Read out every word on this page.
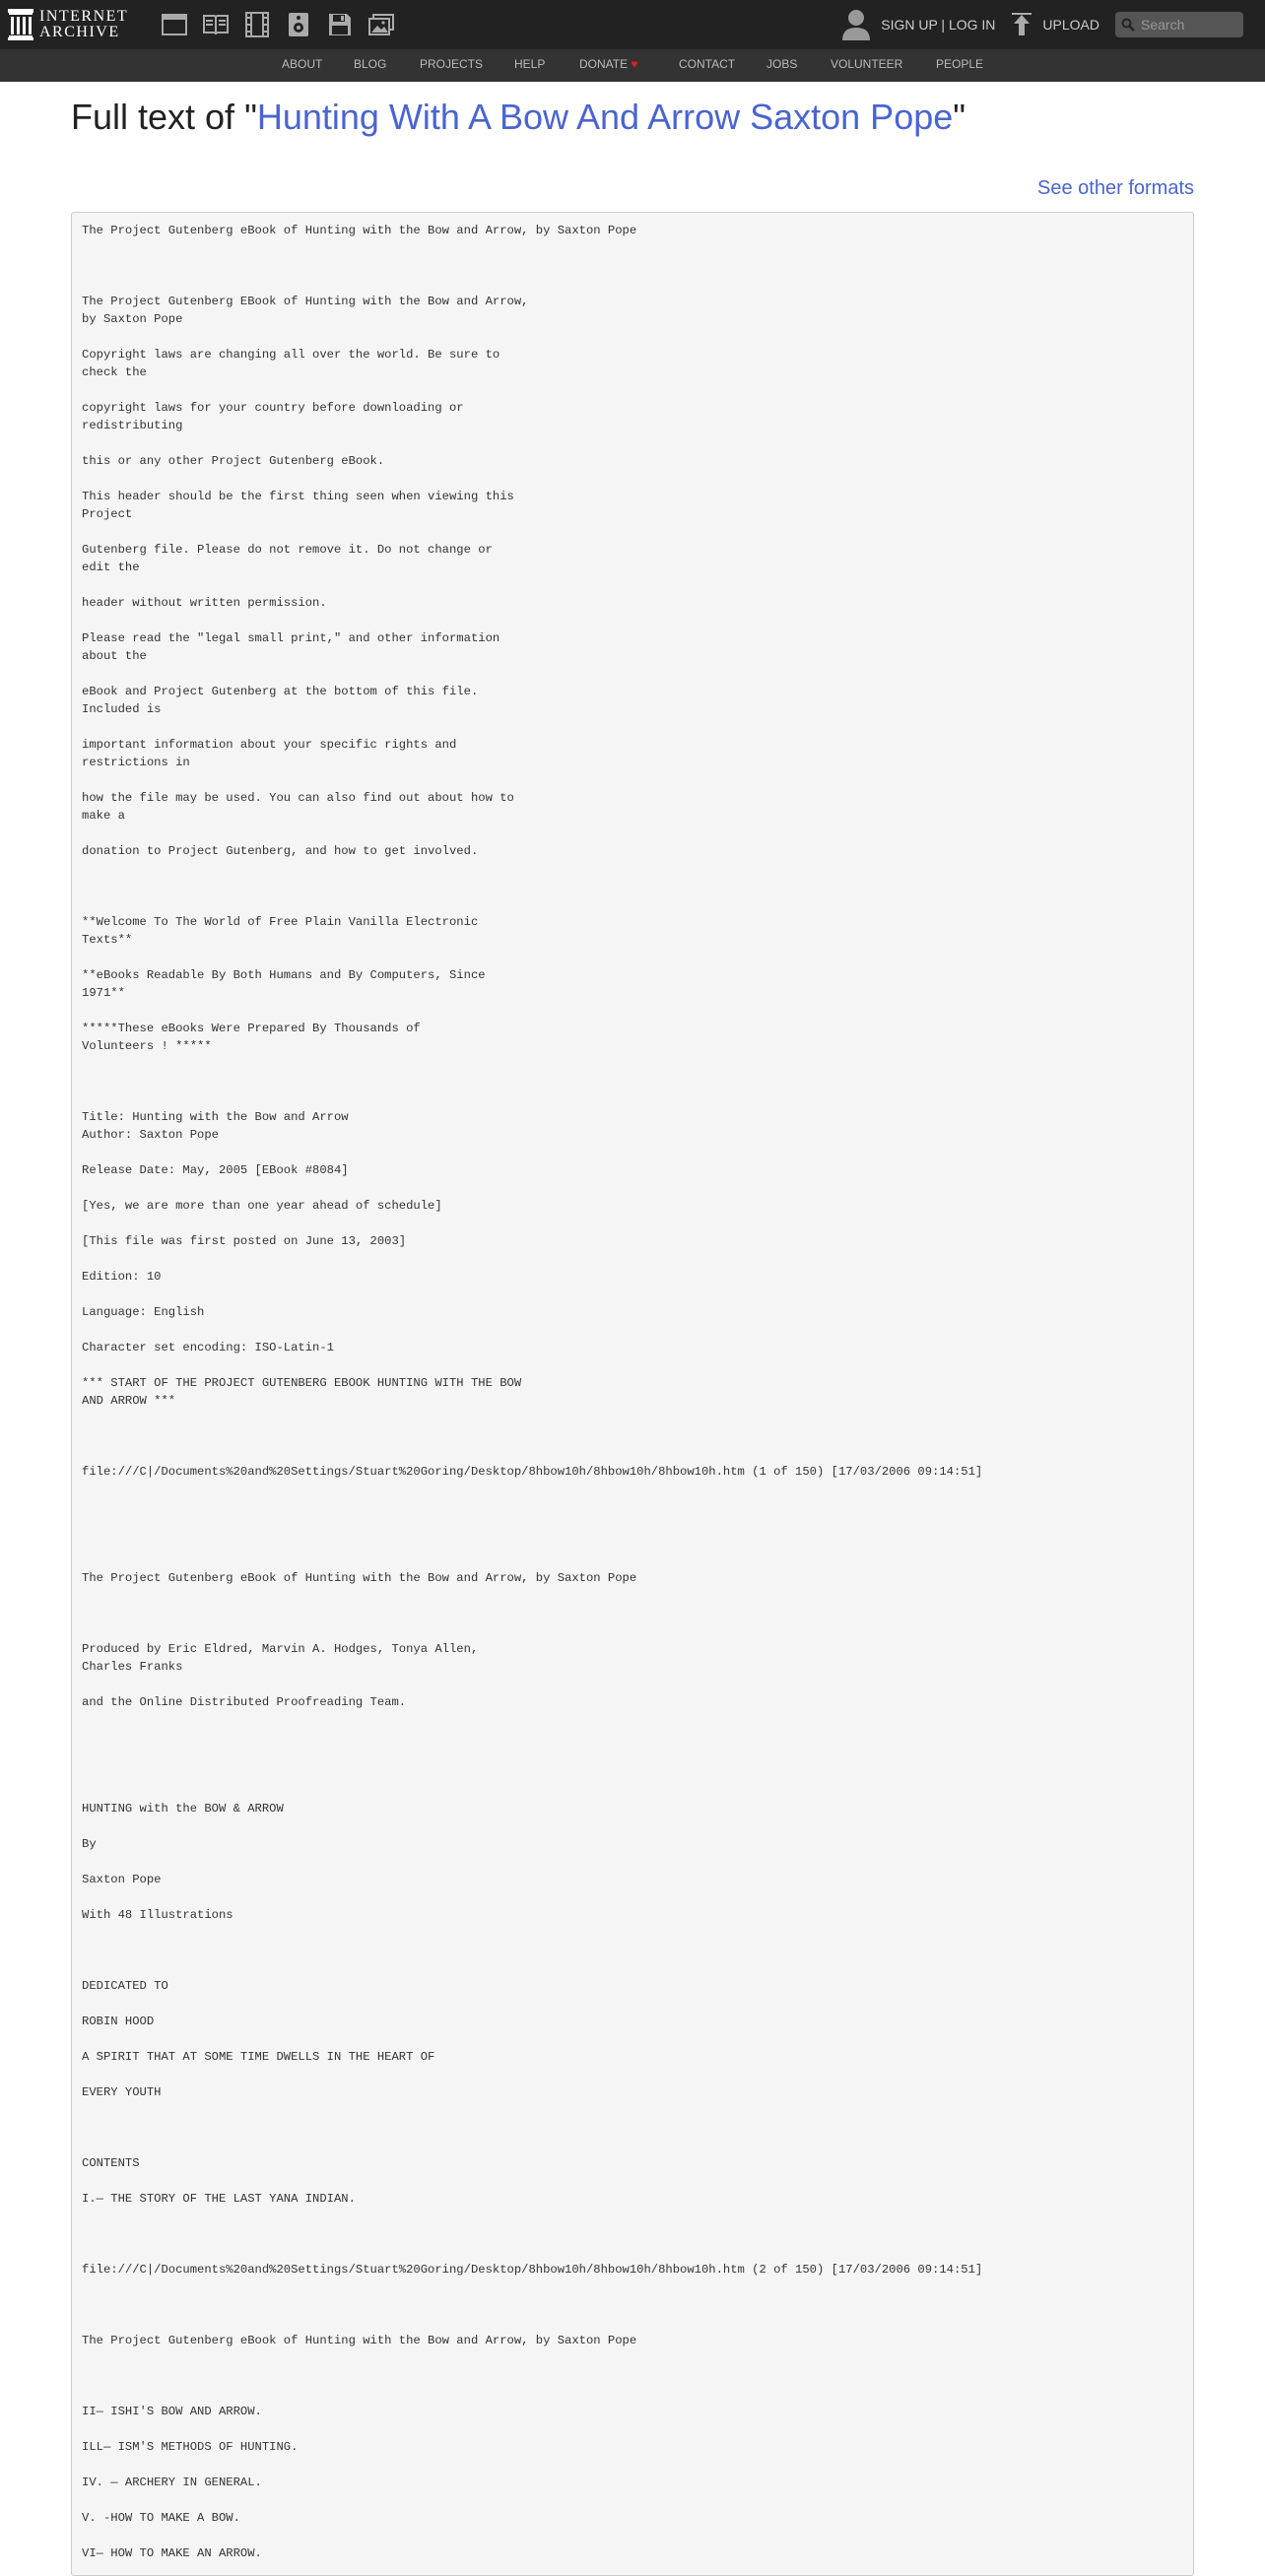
INTERNET
ARCHIVE	SIGN UP | LOG IN	UPLOAD
Search
ABOUT	BLOG	PROJECTS	HELP	DONATE ♥	CONTACT	JOBS	VOLUNTEER	PEOPLE
Full text of "Hunting With A Bow And Arrow Saxton Pope"
See other formats
The Project Gutenberg eBook of Hunting with the Bow and Arrow, by Saxton Pope

The Project Gutenberg EBook of Hunting with the Bow and Arrow,
by Saxton Pope

Copyright laws are changing all over the world. Be sure to
check the

copyright laws for your country before downloading or
redistributing

this or any other Project Gutenberg eBook.

This header should be the first thing seen when viewing this
Project

Gutenberg file. Please do not remove it. Do not change or
edit the

header without written permission.

Please read the "legal small print," and other information
about the

eBook and Project Gutenberg at the bottom of this file.
Included is

important information about your specific rights and
restrictions in

how the file may be used. You can also find out about how to
make a

donation to Project Gutenberg, and how to get involved.

**Welcome To The World of Free Plain Vanilla Electronic
Texts**

**eBooks Readable By Both Humans and By Computers, Since
1971**

*****These eBooks Were Prepared By Thousands of
Volunteers ! *****

Title: Hunting with the Bow and Arrow
Author: Saxton Pope

Release Date: May, 2005 [EBook #8084]

[Yes, we are more than one year ahead of schedule]

[This file was first posted on June 13, 2003]

Edition: 10

Language: English

Character set encoding: ISO-Latin-1

*** START OF THE PROJECT GUTENBERG EBOOK HUNTING WITH THE BOW
AND ARROW ***

file:///C|/Documents%20and%20Settings/Stuart%20Goring/Desktop/8hbow10h/8hbow10h/8hbow10h.htm (1 of 150) [17/03/2006 09:14:51]

The Project Gutenberg eBook of Hunting with the Bow and Arrow, by Saxton Pope

Produced by Eric Eldred, Marvin A. Hodges, Tonya Allen,
Charles Franks

and the Online Distributed Proofreading Team.

HUNTING with the BOW & ARROW

By

Saxton Pope

With 48 Illustrations

DEDICATED TO

ROBIN HOOD

A SPIRIT THAT AT SOME TIME DWELLS IN THE HEART OF

EVERY YOUTH

CONTENTS

I.— THE STORY OF THE LAST YANA INDIAN.

file:///C|/Documents%20and%20Settings/Stuart%20Goring/Desktop/8hbow10h/8hbow10h/8hbow10h.htm (2 of 150) [17/03/2006 09:14:51]

The Project Gutenberg eBook of Hunting with the Bow and Arrow, by Saxton Pope

II— ISHI'S BOW AND ARROW.

ILL— ISM'S METHODS OF HUNTING.

IV. — ARCHERY IN GENERAL.

V. -HOW TO MAKE A BOW.

VI— HOW TO MAKE AN ARROW.
